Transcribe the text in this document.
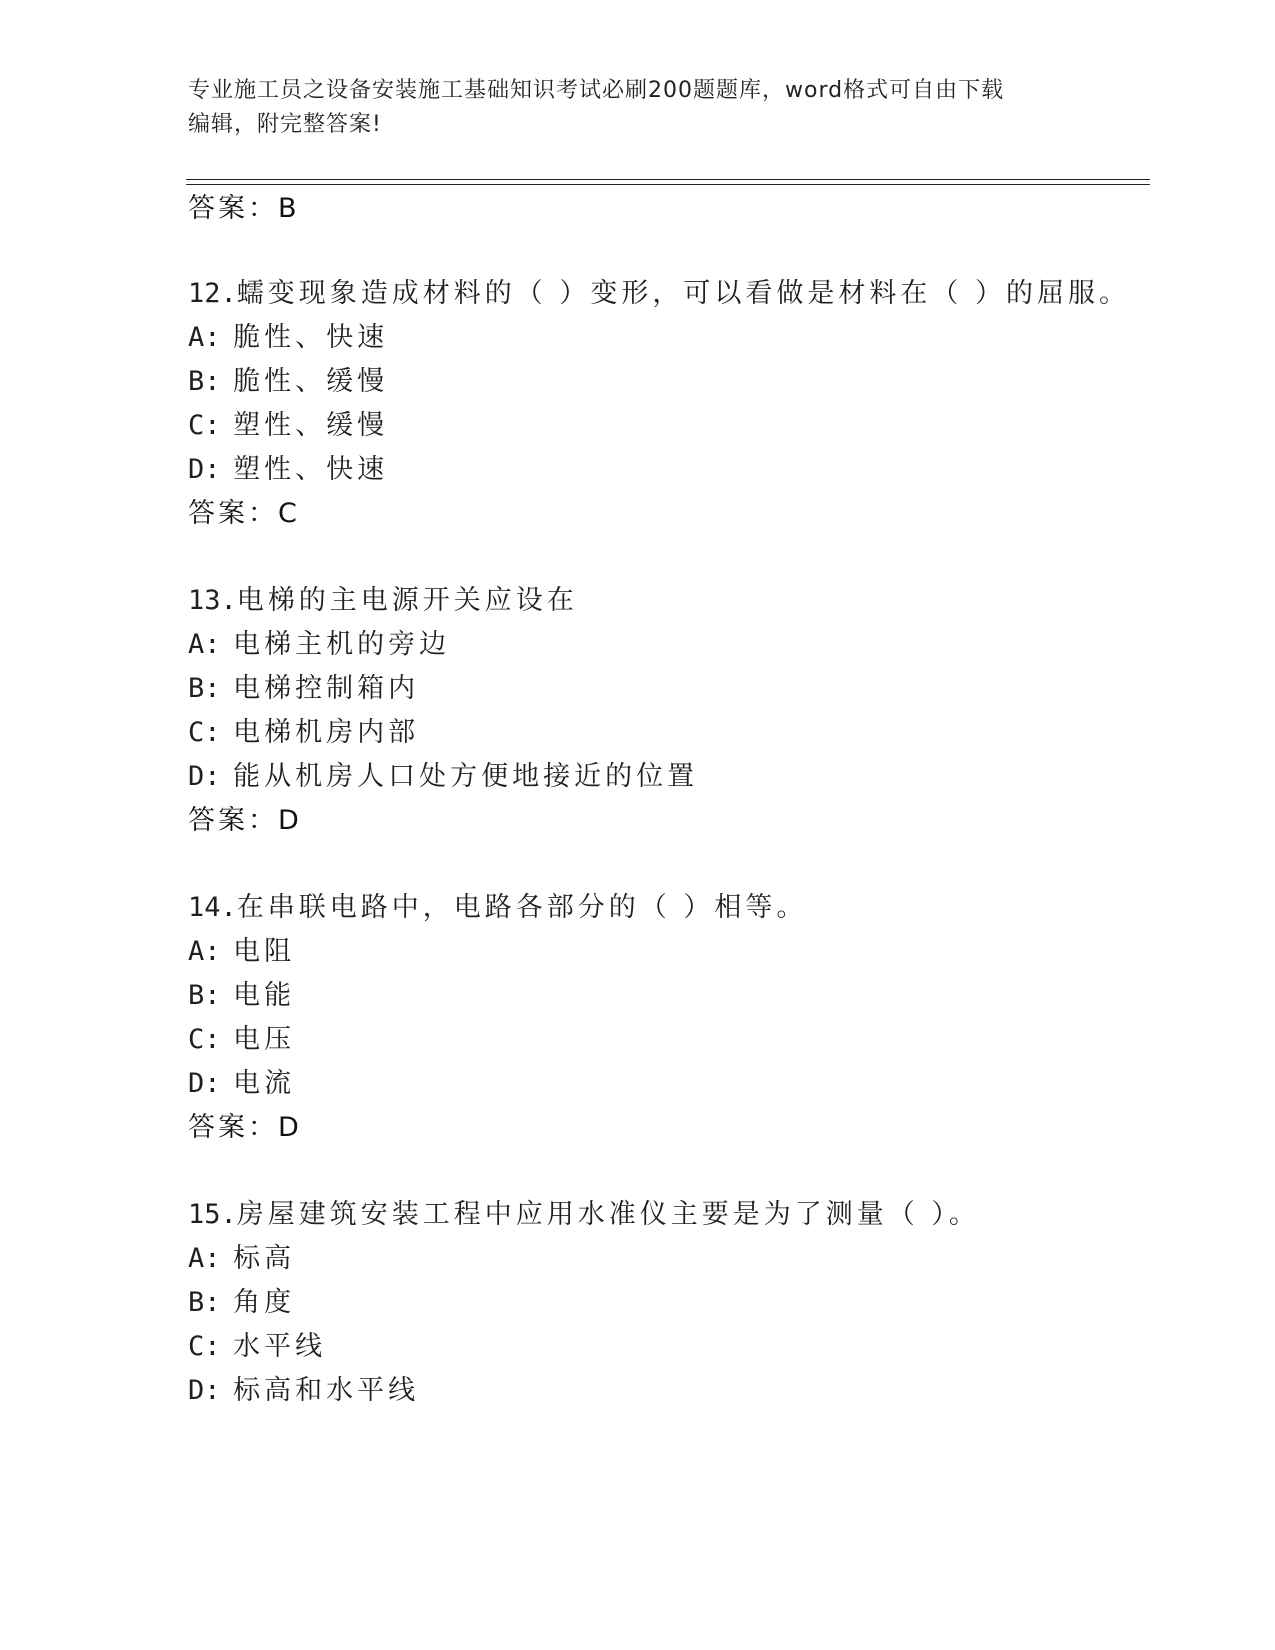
专业施工员之设备安装施工基础知识考试必刷200题题库，word格式可自由下载
编辑，附完整答案!
答案：B
12.蠕变现象造成材料的（ ）变形，可以看做是材料在（ ）的屈服。
A: 脆性、快速
B: 脆性、缓慢
C: 塑性、缓慢
D: 塑性、快速
答案：C
13.电梯的主电源开关应设在
A: 电梯主机的旁边
B: 电梯控制箱内
C: 电梯机房内部
D: 能从机房人口处方便地接近的位置
答案：D
14.在串联电路中，电路各部分的（ ）相等。
A: 电阻
B: 电能
C: 电压
D: 电流
答案：D
15.房屋建筑安装工程中应用水准仪主要是为了测量（ ）。
A: 标高
B: 角度
C: 水平线
D: 标高和水平线
